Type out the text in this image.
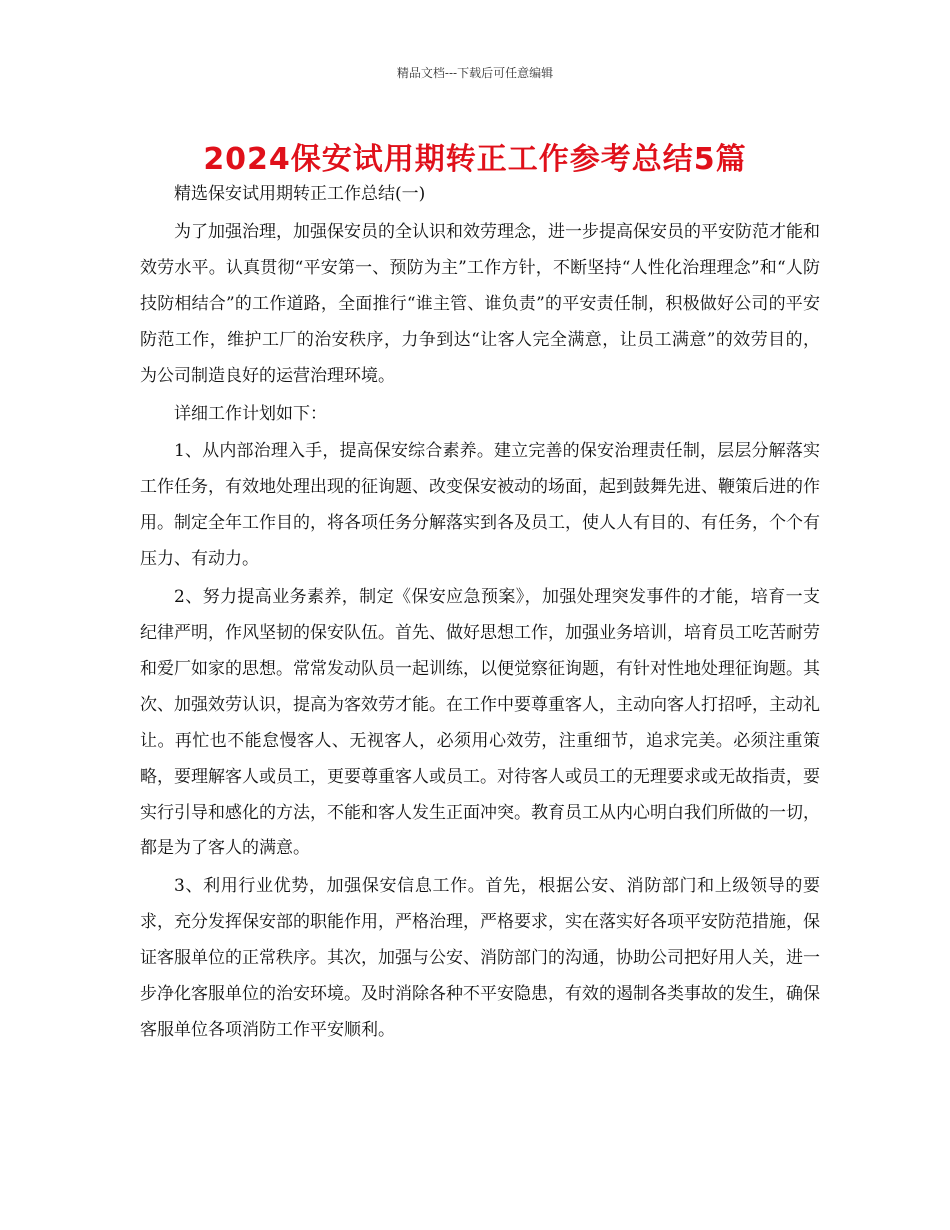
精品文档---下载后可任意编辑
2024保安试用期转正工作参考总结5篇

精选保安试用期转正工作总结(一)

为了加强治理，加强保安员的全认识和效劳理念，进一步提高保安员的平安防范才能和效劳水平。认真贯彻“平安第一、预防为主”工作方针，不断坚持“人性化治理理念”和“人防技防相结合”的工作道路，全面推行“谁主管、谁负责”的平安责任制，积极做好公司的平安防范工作，维护工厂的治安秩序，力争到达“让客人完全满意，让员工满意”的效劳目的，为公司制造良好的运营治理环境。

详细工作计划如下：

1、从内部治理入手，提高保安综合素养。建立完善的保安治理责任制，层层分解落实工作任务，有效地处理出现的征询题、改变保安被动的场面，起到鼓舞先进、鞭策后进的作用。制定全年工作目的，将各项任务分解落实到各及员工，使人人有目的、有任务，个个有压力、有动力。

2、努力提高业务素养，制定《保安应急预案》，加强处理突发事件的才能，培育一支纪律严明，作风坚韧的保安队伍。首先、做好思想工作，加强业务培训，培育员工吃苦耐劳和爱厂如家的思想。常常发动队员一起训练，以便觉察征询题，有针对性地处理征询题。其次、加强效劳认识，提高为客效劳才能。在工作中要尊重客人，主动向客人打招呼，主动礼让。再忙也不能怠慢客人、无视客人，必须用心效劳，注重细节，追求完美。必须注重策略，要理解客人或员工，更要尊重客人或员工。对待客人或员工的无理要求或无故指责，要实行引导和感化的方法，不能和客人发生正面冲突。教育员工从内心明白我们所做的一切，都是为了客人的满意。

3、利用行业优势，加强保安信息工作。首先，根据公安、消防部门和上级领导的要求，充分发挥保安部的职能作用，严格治理，严格要求，实在落实好各项平安防范措施，保证客服单位的正常秩序。其次，加强与公安、消防部门的沟通，协助公司把好用人关，进一步净化客服单位的治安环境。及时消除各种不平安隐患，有效的遏制各类事故的发生，确保客服单位各项消防工作平安顺利。
